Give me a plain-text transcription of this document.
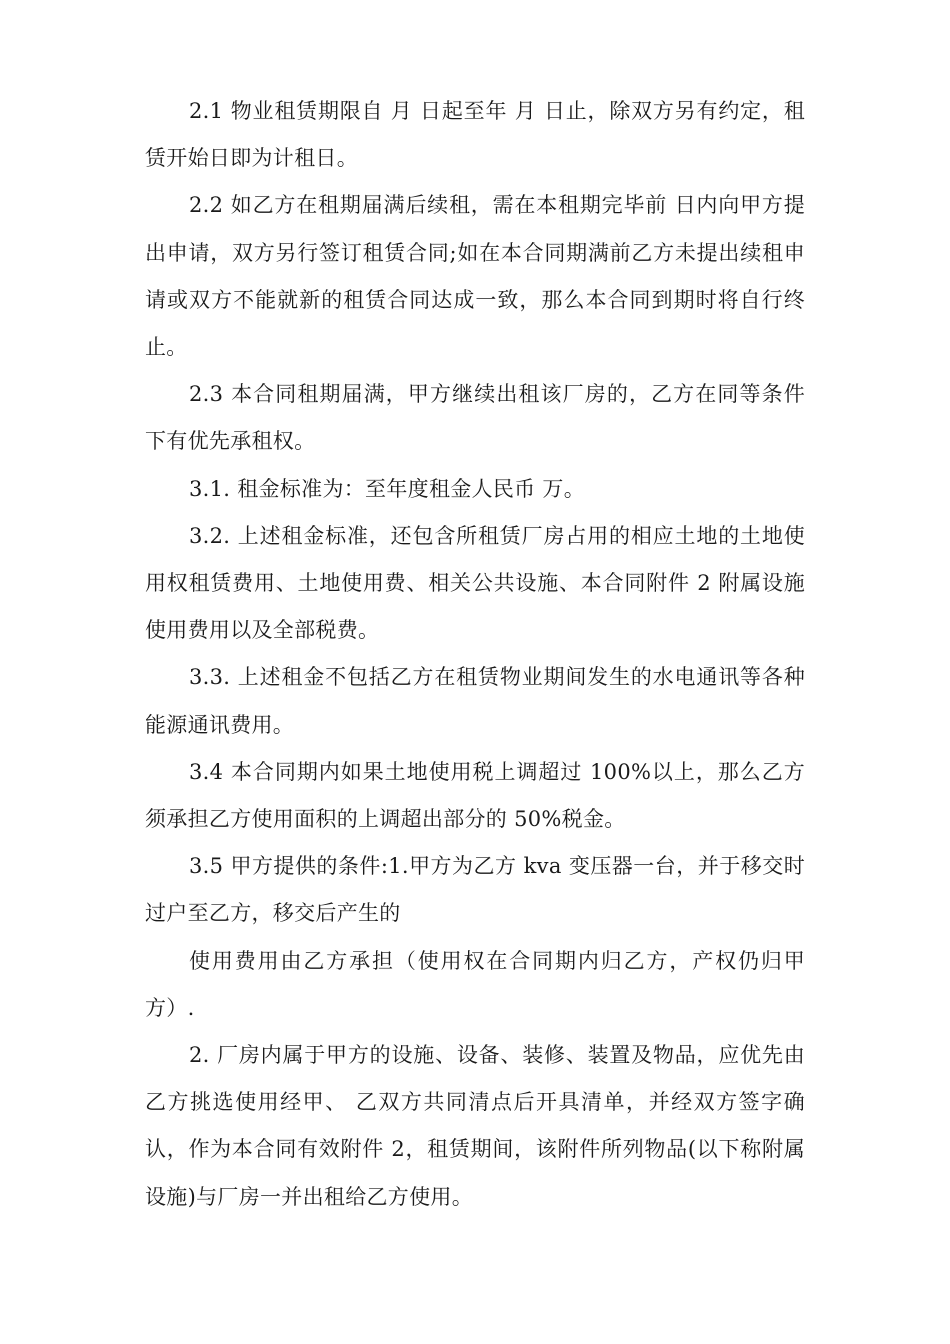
2.1 物业租赁期限自 月 日起至年 月 日止，除双方另有约定，租赁开始日即为计租日。

2.2 如乙方在租期届满后续租，需在本租期完毕前 日内向甲方提出申请，双方另行签订租赁合同;如在本合同期满前乙方未提出续租申请或双方不能就新的租赁合同达成一致，那么本合同到期时将自行终止。

2.3 本合同租期届满，甲方继续出租该厂房的，乙方在同等条件下有优先承租权。

3.1. 租金标准为：至年度租金人民币 万。

3.2. 上述租金标准，还包含所租赁厂房占用的相应土地的土地使用权租赁费用、土地使用费、相关公共设施、本合同附件 2 附属设施使用费用以及全部税费。

3.3. 上述租金不包括乙方在租赁物业期间发生的水电通讯等各种能源通讯费用。

3.4 本合同期内如果土地使用税上调超过 100%以上，那么乙方须承担乙方使用面积的上调超出部分的 50%税金。

3.5 甲方提供的条件:1.甲方为乙方 kva 变压器一台，并于移交时过户至乙方，移交后产生的

使用费用由乙方承担（使用权在合同期内归乙方，产权仍归甲方）.

2. 厂房内属于甲方的设施、设备、装修、装置及物品，应优先由乙方挑选使用经甲、 乙双方共同清点后开具清单，并经双方签字确认，作为本合同有效附件 2，租赁期间，该附件所列物品(以下称附属设施)与厂房一并出租给乙方使用。
